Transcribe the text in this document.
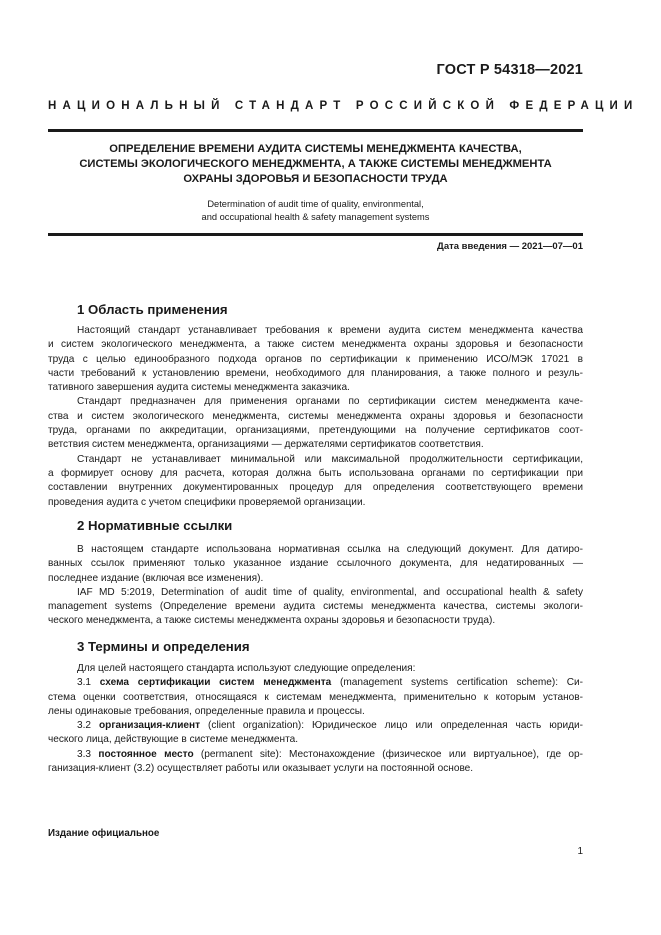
ГОСТ Р 54318—2021
НАЦИОНАЛЬНЫЙ СТАНДАРТ РОССИЙСКОЙ ФЕДЕРАЦИИ
ОПРЕДЕЛЕНИЕ ВРЕМЕНИ АУДИТА СИСТЕМЫ МЕНЕДЖМЕНТА КАЧЕСТВА,
СИСТЕМЫ ЭКОЛОГИЧЕСКОГО МЕНЕДЖМЕНТА, А ТАКЖЕ СИСТЕМЫ МЕНЕДЖМЕНТА
ОХРАНЫ ЗДОРОВЬЯ И БЕЗОПАСНОСТИ ТРУДА
Determination of audit time of quality, environmental,
and occupational health & safety management systems
Дата введения — 2021—07—01
1 Область применения
Настоящий стандарт устанавливает требования к времени аудита систем менеджмента качества
и систем экологического менеджмента, а также систем менеджмента охраны здоровья и безопасности
труда с целью единообразного подхода органов по сертификации к применению ИСО/МЭК 17021 в
части требований к установлению времени, необходимого для планирования, а также полного и резуль-
тативного завершения аудита системы менеджмента заказчика.
Стандарт предназначен для применения органами по сертификации систем менеджмента каче-
ства и систем экологического менеджмента, системы менеджмента охраны здоровья и безопасности
труда, органами по аккредитации, организациями, претендующими на получение сертификатов соот-
ветствия систем менеджмента, организациями — держателями сертификатов соответствия.
Стандарт не устанавливает минимальной или максимальной продолжительности сертификации,
а формирует основу для расчета, которая должна быть использована органами по сертификации при
составлении внутренних документированных процедур для определения соответствующего времени
проведения аудита с учетом специфики проверяемой организации.
2 Нормативные ссылки
В настоящем стандарте использована нормативная ссылка на следующий документ. Для датиро-
ванных ссылок применяют только указанное издание ссылочного документа, для недатированных —
последнее издание (включая все изменения).
IAF MD 5:2019, Determination of audit time of quality, environmental, and occupational health & safety
management systems (Определение времени аудита системы менеджмента качества, системы экологи-
ческого менеджмента, а также системы менеджмента охраны здоровья и безопасности труда).
3 Термины и определения
Для целей настоящего стандарта используют следующие определения:
3.1 схема сертификации систем менеджмента (management systems certification scheme): Си-
стема оценки соответствия, относящаяся к системам менеджмента, применительно к которым установ-
лены одинаковые требования, определенные правила и процессы.
3.2 организация-клиент (client organization): Юридическое лицо или определенная часть юриди-
ческого лица, действующие в системе менеджмента.
3.3 постоянное место (permanent site): Местонахождение (физическое или виртуальное), где ор-
ганизация-клиент (3.2) осуществляет работы или оказывает услуги на постоянной основе.
Издание официальное
1
